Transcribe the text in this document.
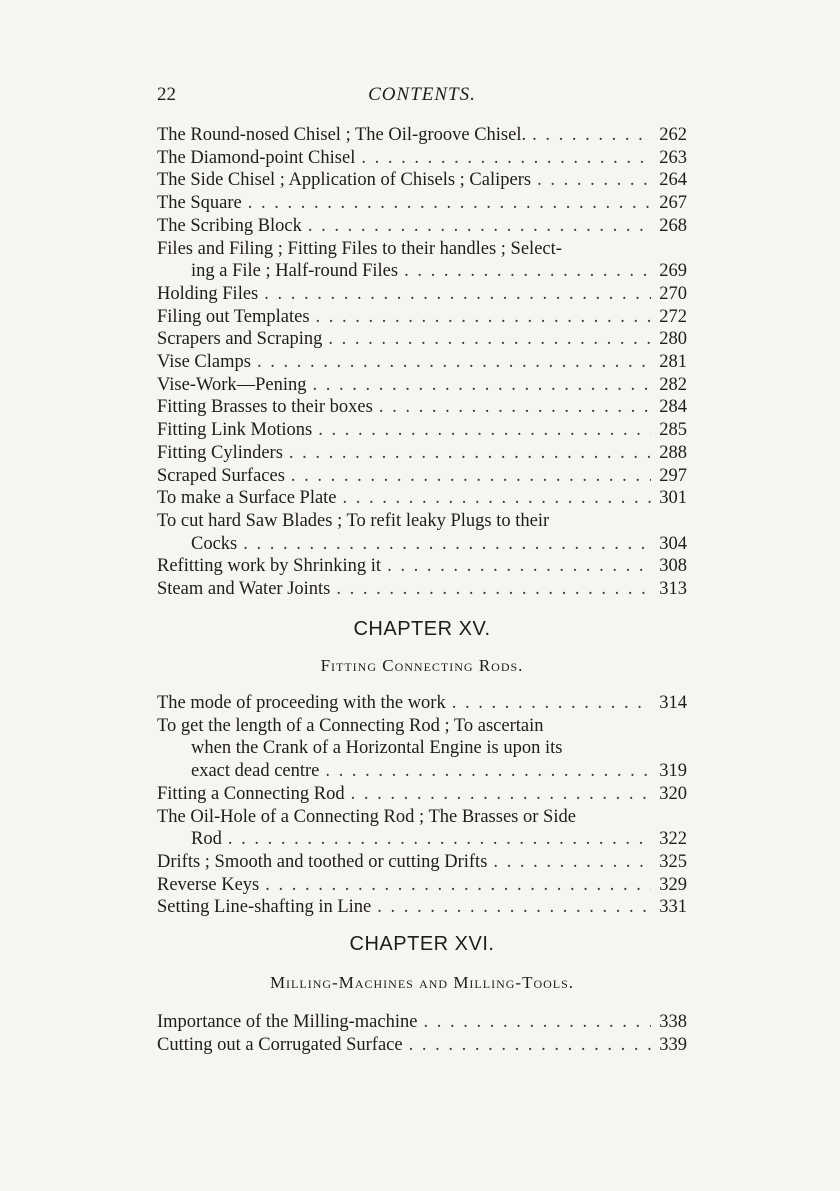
22	CONTENTS.
The Round-nosed Chisel ; The Oil-groove Chisel. . . .	262
The Diamond-point Chisel . . .	263
The Side Chisel ; Application of Chisels ; Calipers . . .	264
The Square . . .	267
The Scribing Block . . .	268
Files and Filing ; Fitting Files to their handles ; Select-
ing a File ; Half-round Files . . .	269
Holding Files . . .	270
Filing out Templates . . .	272
Scrapers and Scraping . . .	280
Vise Clamps . . .	281
Vise-Work—Pening . . .	282
Fitting Brasses to their boxes . . .	284
Fitting Link Motions . . .	285
Fitting Cylinders . . .	288
Scraped Surfaces . . .	297
To make a Surface Plate . . .	301
To cut hard Saw Blades ; To refit leaky Plugs to their
Cocks . . .	304
Refitting work by Shrinking it . . .	308
Steam and Water Joints . . .	313
CHAPTER XV.
Fitting Connecting Rods.
The mode of proceeding with the work . . .	314
To get the length of a Connecting Rod ; To ascertain
when the Crank of a Horizontal Engine is upon its
exact dead centre . . .	319
Fitting a Connecting Rod . . .	320
The Oil-Hole of a Connecting Rod ; The Brasses or Side
Rod . . .	322
Drifts ; Smooth and toothed or cutting Drifts . . .	325
Reverse Keys . . .	329
Setting Line-shafting in Line . . .	331
CHAPTER XVI.
Milling-Machines and Milling-Tools.
Importance of the Milling-machine . . .	338
Cutting out a Corrugated Surface . . .	339
